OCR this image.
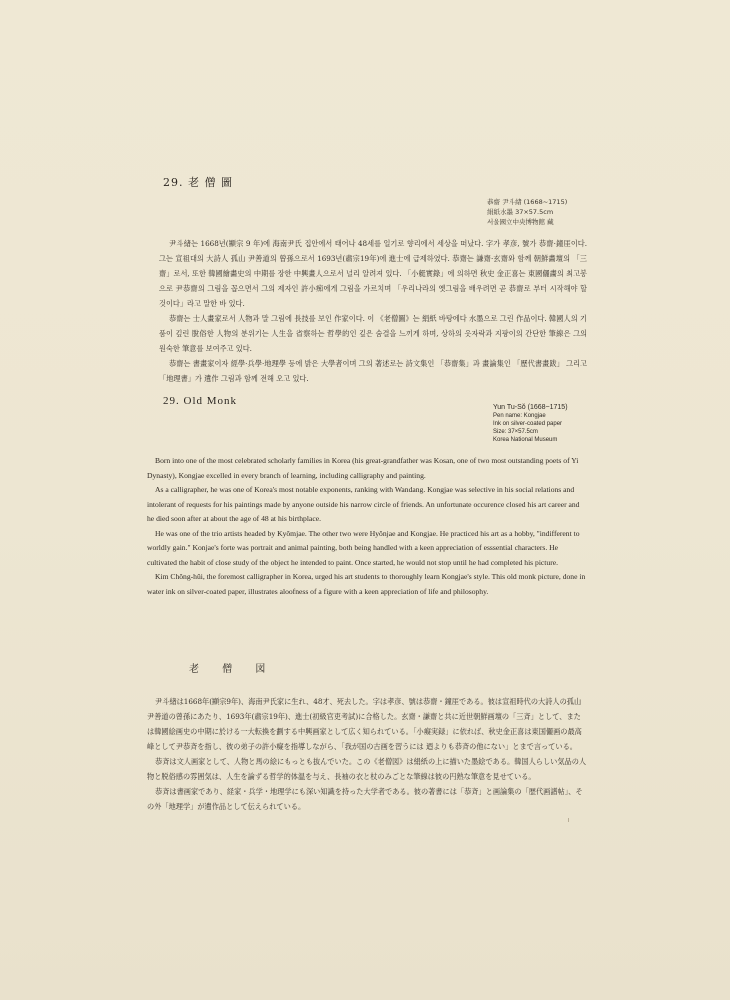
29. 老 僧 圖
恭齋 尹斗緖 (1668~1715)
絹紙水墨 37×57.5cm
서울國立中央博物館 藏

尹斗緖는 1668년(顯宗 9 年)에 海南尹氏 집안에서 태어나 48세를 일기로 향리에서 세상을 떠났다. 字가 孝彦, 號가 恭齋·鐘厓이다. 그는 宣祖대의 大詩人 孤山 尹善道의 曾孫으로서 1693년(肅宗19年)에 進士에 급제하였다. 恭齋는 謙齋·玄齋와 함께 朝鮮畵壇의 「三齋」로서, 또한 韓國繪畵史의 中期를 장한 中興畫人으로서 널리 알려져 있다. 「小艇實錄」에 의하면 秋史 金正喜는 東國儷畵의 최고봉으로 尹恭齋의 그림을 꼽으면서 그의 제자인 許小痴에게 그림을 가르치며 「우리나라의 옛그림을 배우려면 곧 恭齋로 부터 시작해야 할 것이다」라고 말한 바 있다.

恭齋는 士人畫家로서 人物과 말 그림에 長技를 보인 作家이다. 이 《老僧圖》는 絹紙 바탕에다 水墨으로 그린 作品이다. 韓國人의 기품이 깊린 脫俗한 人物의 분위기는 人生을 省察하는 哲學的인 깊은 숨결을 느끼게 하며, 상하의 옷자락과 지팡이의 간단한 筆線은 그의 원숙한 筆意를 보여주고 있다.

恭齋는 書畫家이자 經學·兵學·地理學 등에 밝은 大學者이며 그의 著述로는 詩文集인 「恭齋集」과 畫論集인 「歷代書畫跋」 그리고 「地理書」가 遺作 그림과 함께 전해 오고 있다.

29. Old Monk
Yun Tu-Sŏ (1668~1715)
Pen name: Kongjae
Ink on silver-coated paper
Size: 37×57.5cm
Korea National Museum

Born into one of the most celebrated scholarly families in Korea (his great-grandfather was Kosan, one of two most outstanding poets of Yi Dynasty), Kongjae excelled in every branch of learning, including calligraphy and painting.

As a calligrapher, he was one of Korea's most notable exponents, ranking with Wandang. Kongjae was selective in his social relations and intolerant of requests for his paintings made by anyone outside his narrow circle of friends. An unfortunate occurence closed his art career and he died soon after at about the age of 48 at his birthplace.

He was one of the trio artists headed by Kyŏmjae. The other two were Hyŏnjae and Kongjae. He practiced his art as a hobby, "indifferent to worldly gain." Konjae's forte was portrait and animal painting, both being handled with a keen appreciation of esssential characters. He cultivated the habit of close study of the object he intended to paint. Once started, he would not stop until he had completed his picture.

Kim Chŏng-hŭi, the foremost calligrapher in Korea, urged his art students to thoroughly learn Kongjae's style. This old monk picture, done in water ink on silver-coated paper, illustrates aloofness of a figure with a keen appreciation of life and philosophy.

老 僧 図

尹斗緖は1668年(顯宗9年)、海南尹氏家に生れ、48才、死去した。字は孝彦、號は恭齋・鐘厓である。彼は宣祖時代の大詩人の孤山尹善道の曾孫にあたり、1693年(肅宗19年)、進士(初級官吏考試)に合格した。玄齋・謙齋と共に近世朝鮮画壇の「三斉」として、または韓國絵画史の中期に於ける一大転換を劃する中興画家として広く知られている。「小癡実録」に依れば、秋史金正喜は東国儷画の最高峰として尹恭斉を指し、彼の弟子の許小癡を指導しながら、「我が国の古画を習うには 迺よりも恭斉の他にない」とまで言っている。

恭斉は文人画家として、人物と馬の絵にもっとも抜んでいた。この《老僧図》は絹紙の上に描いた墨絵である。韓国人らしい気品の人物と脱俗感の雰囲気は、人生を論ずる哲学的体温を与え、長袖の衣と杖のみごとな筆線は彼の円熟な筆意を見せている。

恭斉は書画家であり、経家・兵学・地理学にも深い知識を持った大学者である。彼の著書には「恭斉」と画論集の「歴代画譜帖」、その外「地理学」が遺作品として伝えられている。
